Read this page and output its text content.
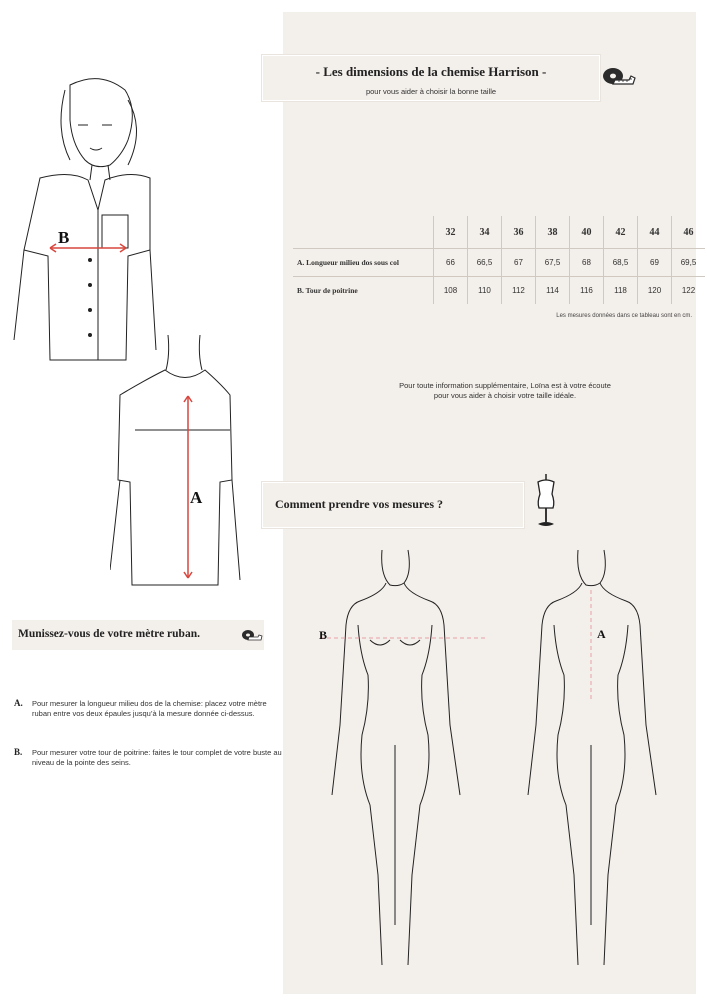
- Les dimensions de la chemise Harrison -
pour vous aider à choisir la bonne taille
	32	34	36	38	40	42	44	46
A. Longueur milieu dos sous col	66	66,5	67	67,5	68	68,5	69	69,5
B. Tour de poitrine	108	110	112	114	116	118	120	122
Les mesures données dans ce tableau sont en cm.
Pour toute information supplémentaire, Loïna est à votre écoute
pour vous aider à choisir votre taille idéale.
Comment prendre vos mesures ?
B
A
Munissez-vous de votre mètre ruban.
A. Pour mesurer la longueur milieu dos de la chemise: placez votre mètre ruban entre vos deux épaules jusqu’à la mesure donnée ci-dessus.
B. Pour mesurer votre tour de poitrine: faites le tour complet de votre buste au niveau de la pointe des seins.
B	A
